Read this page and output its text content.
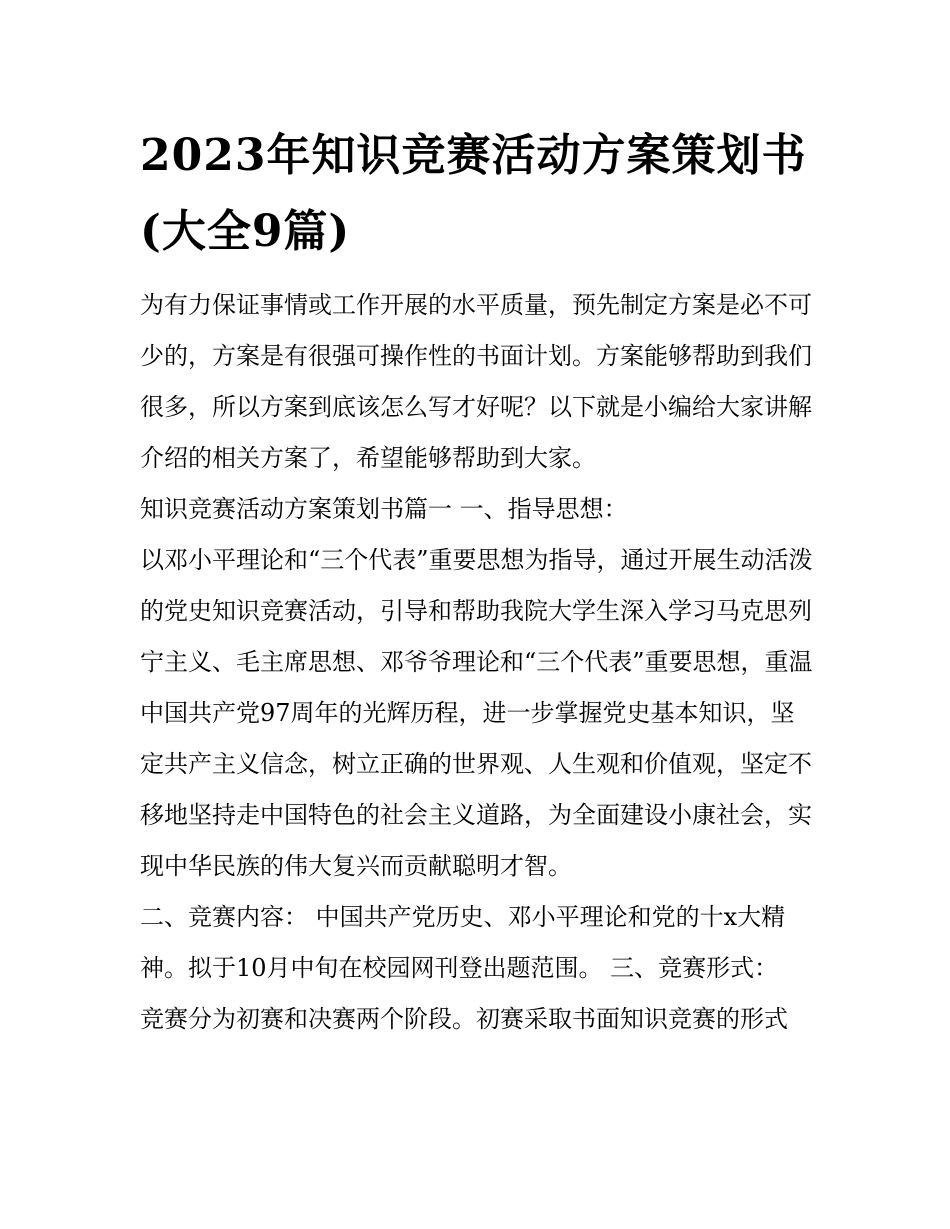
2023年知识竞赛活动方案策划书(大全9篇)

为有力保证事情或工作开展的水平质量，预先制定方案是必不可少的，方案是有很强可操作性的书面计划。方案能够帮助到我们很多，所以方案到底该怎么写才好呢？以下就是小编给大家讲解介绍的相关方案了，希望能够帮助到大家。

知识竞赛活动方案策划书篇一 一、指导思想：

以邓小平理论和“三个代表”重要思想为指导，通过开展生动活泼的党史知识竞赛活动，引导和帮助我院大学生深入学习马克思列宁主义、毛主席思想、邓爷爷理论和“三个代表”重要思想，重温中国共产党97周年的光辉历程，进一步掌握党史基本知识，坚定共产主义信念，树立正确的世界观、人生观和价值观，坚定不移地坚持走中国特色的社会主义道路，为全面建设小康社会，实现中华民族的伟大复兴而贡献聪明才智。

二、竞赛内容： 中国共产党历史、邓小平理论和党的十x大精神。拟于10月中旬在校园网刊登出题范围。 三、竞赛形式：

竞赛分为初赛和决赛两个阶段。初赛采取书面知识竞赛的形式
